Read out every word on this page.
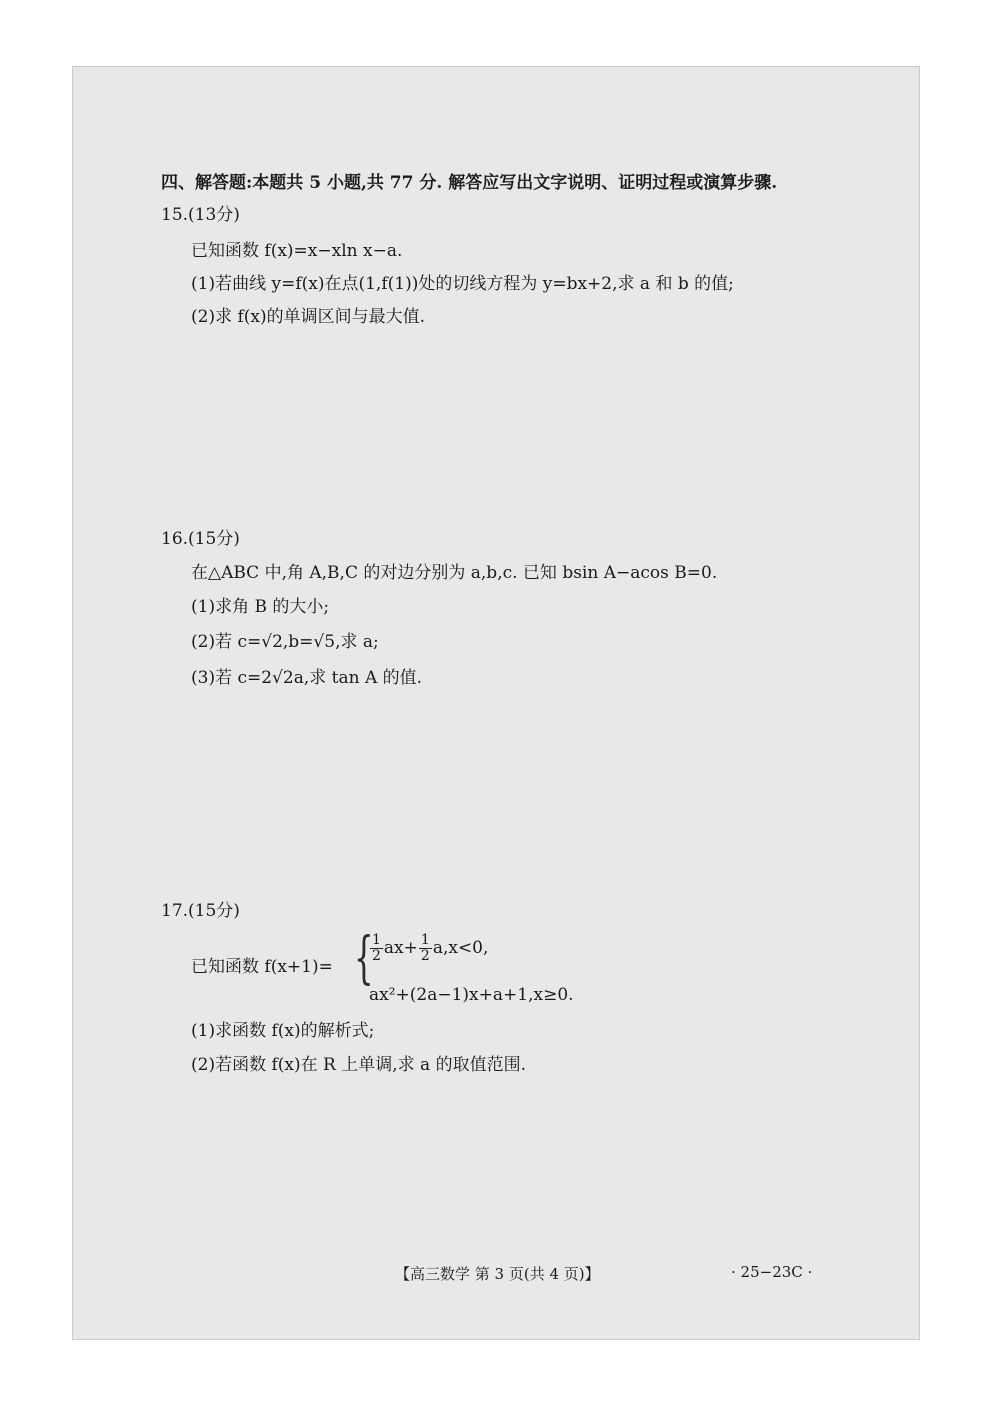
四、解答题:本题共 5 小题,共 77 分. 解答应写出文字说明、证明过程或演算步骤.
15.(13分)
已知函数 f(x)=x−xln x−a.
(1)若曲线 y=f(x)在点(1,f(1))处的切线方程为 y=bx+2,求 a 和 b 的值;
(2)求 f(x)的单调区间与最大值.
16.(15分)
在△ABC 中,角 A,B,C 的对边分别为 a,b,c. 已知 bsin A−acos B=0.
(1)求角 B 的大小;
(2)若 c=√2,b=√5,求 a;
(3)若 c=2√2a,求 tan A 的值.
17.(15分)
已知函数 f(x+1)= {
$\frac{1}{2} ax+ \frac{1}{2} a,x<0$,
ax²+(2a−1)x+a+1,x≥0.
(1)求函数 f(x)的解析式;
(2)若函数 f(x)在 R 上单调,求 a 的取值范围.
【高三数学 第 3 页(共 4 页)】	· 25−23C ·
